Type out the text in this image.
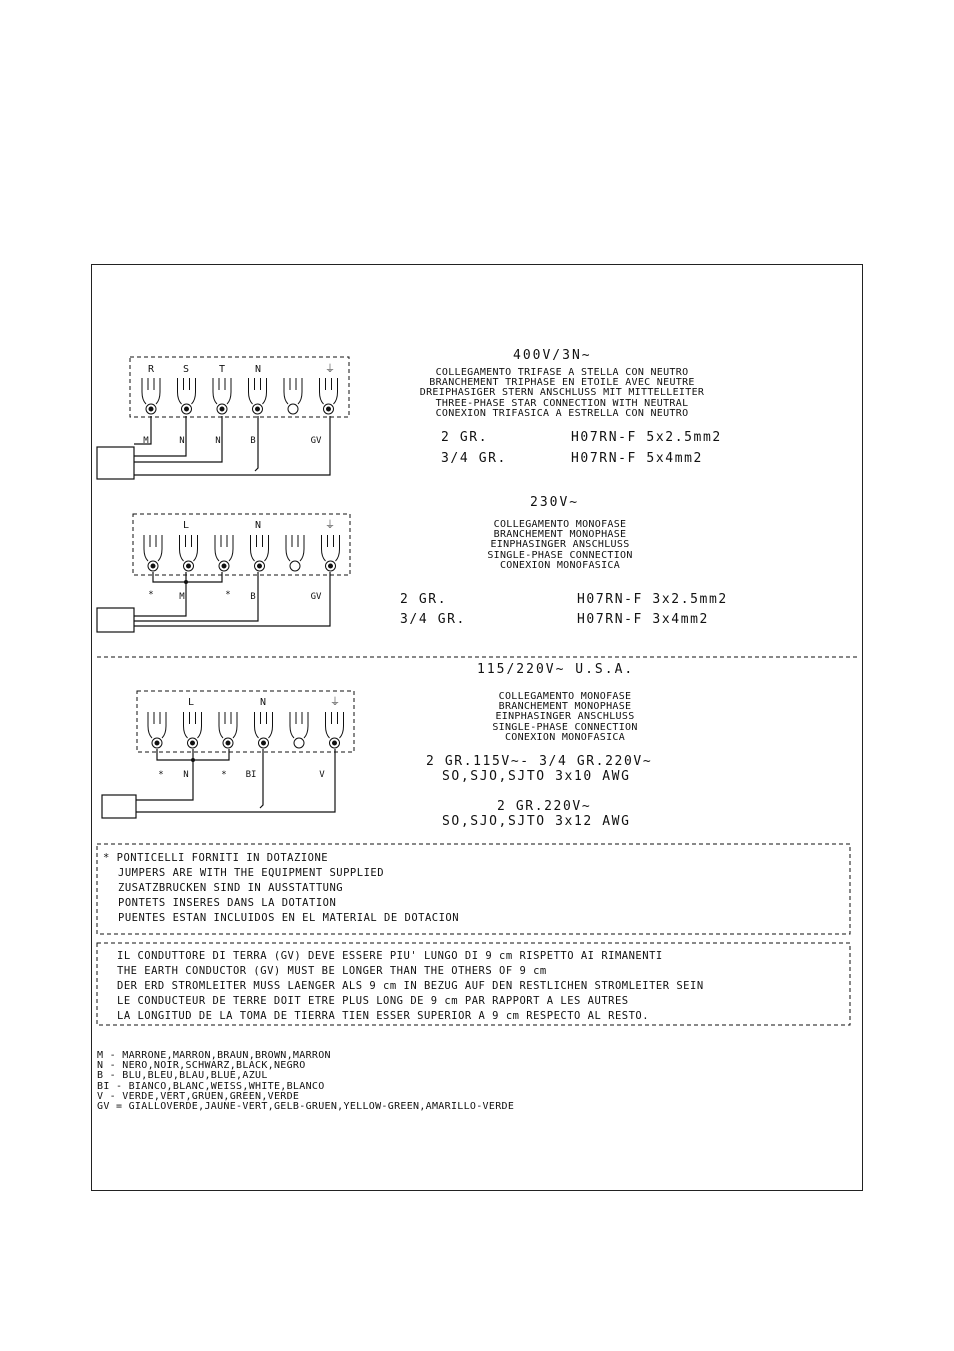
R	S	T	N	⏚
M	N	N	B	GV
L	N	⏚
*	M	* B	GV
L	N	⏚
* N	* BI	V
400V/3N~
COLLEGAMENTO TRIFASE A STELLA CON NEUTRO
BRANCHEMENT TRIPHASE EN ETOILE AVEC NEUTRE
DREIPHASIGER STERN ANSCHLUSS MIT MITTELLEITER
THREE-PHASE STAR CONNECTION WITH NEUTRAL
CONEXION TRIFASICA A ESTRELLA CON NEUTRO
2 GR.	H07RN-F 5x2.5mm2
3/4 GR.	H07RN-F 5x4mm2
230V~
COLLEGAMENTO MONOFASE
BRANCHEMENT MONOPHASE
EINPHASINGER ANSCHLUSS
SINGLE-PHASE CONNECTION
CONEXION MONOFASICA
2 GR.	H07RN-F 3x2.5mm2
3/4 GR.	H07RN-F 3x4mm2
115/220V~ U.S.A.
COLLEGAMENTO MONOFASE
BRANCHEMENT MONOPHASE
EINPHASINGER ANSCHLUSS
SINGLE-PHASE CONNECTION
CONEXION MONOFASICA
2 GR.115V~- 3/4 GR.220V~
SO,SJO,SJTO 3x10 AWG
2 GR.220V~
SO,SJO,SJTO 3x12 AWG
* PONTICELLI FORNITI IN DOTAZIONE
JUMPERS ARE WITH THE EQUIPMENT SUPPLIED
ZUSATZBRUCKEN SIND IN AUSSTATTUNG
PONTETS INSERES DANS LA DOTATION
PUENTES ESTAN INCLUIDOS EN EL MATERIAL DE DOTACION
IL CONDUTTORE DI TERRA (GV) DEVE ESSERE PIU' LUNGO DI 9 cm RISPETTO AI RIMANENTI
THE EARTH CONDUCTOR (GV) MUST BE LONGER THAN THE OTHERS OF 9 cm
DER ERD STROMLEITER MUSS LAENGER ALS 9 cm IN BEZUG AUF DEN RESTLICHEN STROMLEITER SEIN
LE CONDUCTEUR DE TERRE DOIT ETRE PLUS LONG DE 9 cm PAR RAPPORT A LES AUTRES
LA LONGITUD DE LA TOMA DE TIERRA TIEN ESSER SUPERIOR A 9 cm RESPECTO AL RESTO.
M - MARRONE,MARRON,BRAUN,BROWN,MARRON
N - NERO,NOIR,SCHWARZ,BLACK,NEGRO
B - BLU,BLEU,BLAU,BLUE,AZUL
BI - BIANCO,BLANC,WEISS,WHITE,BLANCO
V - VERDE,VERT,GRUEN,GREEN,VERDE
GV = GIALLOVERDE,JAUNE-VERT,GELB-GRUEN,YELLOW-GREEN,AMARILLO-VERDE
